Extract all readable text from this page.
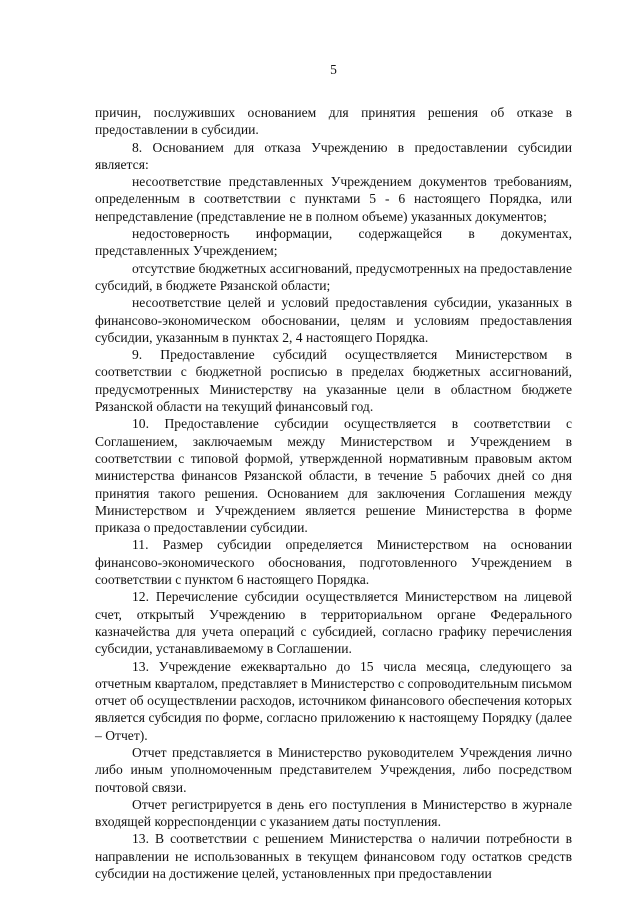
5

причин, послуживших основанием для принятия решения об отказе в предоставлении в субсидии.

8. Основанием для отказа Учреждению в предоставлении субсидии является:

несоответствие представленных Учреждением документов требованиям, определенным в соответствии с пунктами 5 - 6 настоящего Порядка, или непредставление (представление не в полном объеме) указанных документов;

недостоверность информации, содержащейся в документах, представленных Учреждением;

отсутствие бюджетных ассигнований, предусмотренных на предоставление субсидий, в бюджете Рязанской области;

несоответствие целей и условий предоставления субсидии, указанных в финансово-экономическом обосновании, целям и условиям предоставления субсидии, указанным в пунктах 2, 4 настоящего Порядка.

9. Предоставление субсидий осуществляется Министерством в соответствии с бюджетной росписью в пределах бюджетных ассигнований, предусмотренных Министерству на указанные цели в областном бюджете Рязанской области на текущий финансовый год.

10. Предоставление субсидии осуществляется в соответствии с Соглашением, заключаемым между Министерством и Учреждением в соответствии с типовой формой, утвержденной нормативным правовым актом министерства финансов Рязанской области, в течение 5 рабочих дней со дня принятия такого решения. Основанием для заключения Соглашения между Министерством и Учреждением является решение Министерства в форме приказа о предоставлении субсидии.

11. Размер субсидии определяется Министерством на основании финансово-экономического обоснования, подготовленного Учреждением в соответствии с пунктом 6 настоящего Порядка.

12. Перечисление субсидии осуществляется Министерством на лицевой счет, открытый Учреждению в территориальном органе Федерального казначейства для учета операций с субсидией, согласно графику перечисления субсидии, устанавливаемому в Соглашении.

13. Учреждение ежеквартально до 15 числа месяца, следующего за отчетным кварталом, представляет в Министерство с сопроводительным письмом отчет об осуществлении расходов, источником финансового обеспечения которых является субсидия по форме, согласно приложению к настоящему Порядку (далее – Отчет).

Отчет представляется в Министерство руководителем Учреждения лично либо иным уполномоченным представителем Учреждения, либо посредством почтовой связи.

Отчет регистрируется в день его поступления в Министерство в журнале входящей корреспонденции с указанием даты поступления.

13. В соответствии с решением Министерства о наличии потребности в направлении не использованных в текущем финансовом году остатков средств субсидии на достижение целей, установленных при предоставлении
